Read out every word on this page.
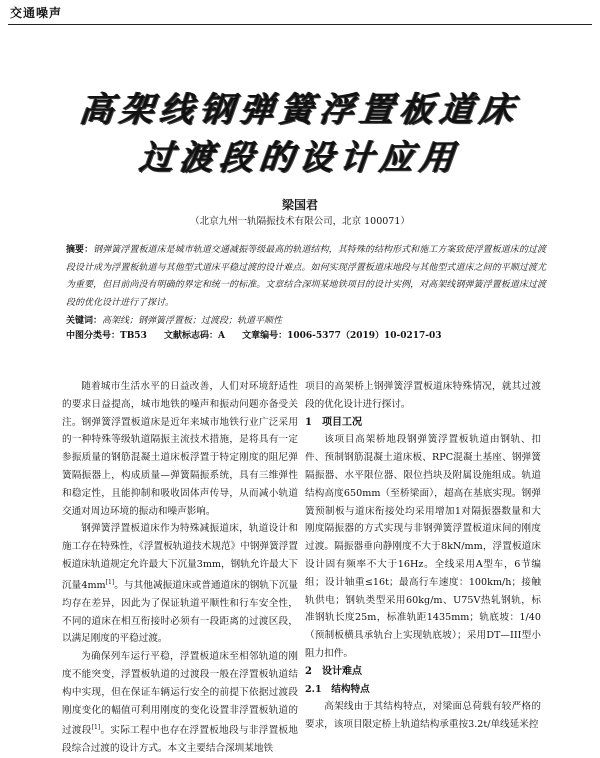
交通噪声
高架线钢弹簧浮置板道床
过渡段的设计应用
梁国君
（北京九州一轨隔振技术有限公司，北京 100071）
摘要：钢弹簧浮置板道床是城市轨道交通减振等级最高的轨道结构，其特殊的结构形式和施工方案致使浮置板道床的过渡段设计成为浮置板轨道与其他型式道床平稳过渡的设计难点。如何实现浮置板道床地段与其他型式道床之间的平顺过渡尤为重要，但目前尚没有明确的界定和统一的标准。文章结合深圳某地铁项目的设计实例，对高架线钢弹簧浮置板道床过渡段的优化设计进行了探讨。
关键词：高架线；钢弹簧浮置板；过渡段；轨道平顺性
中图分类号：TB53 文献标志码：A 文章编号：1006-5377（2019）10-0217-03

随着城市生活水平的日益改善，人们对环境舒适性的要求日益提高，城市地铁的噪声和振动问题亦备受关注。钢弹簧浮置板道床是近年来城市地铁行业广泛采用的一种特殊等级轨道隔振主流技术措施，是将具有一定参振质量的钢筋混凝土道床板浮置于特定刚度的阻尼弹簧隔振器上，构成质量—弹簧隔振系统，具有三维弹性和稳定性，且能抑制和吸收固体声传导，从而减小轨道交通对周边环境的振动和噪声影响。

钢弹簧浮置板道床作为特殊减振道床，轨道设计和施工存在特殊性，《浮置板轨道技术规范》中钢弹簧浮置板道床轨道规定允许最大下沉量3mm，钢轨允许最大下沉量4mm[1]。与其他减振道床或普通道床的钢轨下沉量均存在差异，因此为了保证轨道平顺性和行车安全性，不同的道床在相互衔接时必须有一段距离的过渡区段，以满足刚度的平稳过渡。

为确保列车运行平稳，浮置板道床至相邻轨道的刚度不能突变，浮置板轨道的过渡段一般在浮置板轨道结构中实现，但在保证车辆运行安全的前提下依据过渡段刚度变化的幅值可利用刚度的变化设置非浮置板轨道的过渡段[1]。实际工程中也存在浮置板地段与非浮置板地段综合过渡的设计方式。本文主要结合深圳某地铁

项目的高架桥上钢弹簧浮置板道床特殊情况，就其过渡段的优化设计进行探讨。

1　项目工况

该项目高架桥地段钢弹簧浮置板轨道由钢轨、扣件、预制钢筋混凝土道床板、RPC混凝土基座、钢弹簧隔振器、水平限位器、限位挡块及附属设施组成。轨道结构高度650mm（至桥梁面），超高在基底实现。钢弹簧预制板与道床衔接处均采用增加1对隔振器数量和大刚度隔振器的方式实现与非钢弹簧浮置板道床间的刚度过渡。隔振器垂向静刚度不大于8kN/mm，浮置板道床设计固有频率不大于16Hz。全线采用A型车，6节编组；设计轴重≤16t；最高行车速度：100km/h；接触轨供电；钢轨类型采用60kg/m、U75V热轧钢轨，标准钢轨长度25m，标准轨距1435mm；轨底坡：1/40（预制板横具承轨台上实现轨底坡）；采用DT—III型小阻力扣件。

2　设计难点

2.1　结构特点

高架线由于其结构特点，对梁面总荷载有较严格的要求，该项目限定桥上轨道结构承重按3.2t/单线延米控
